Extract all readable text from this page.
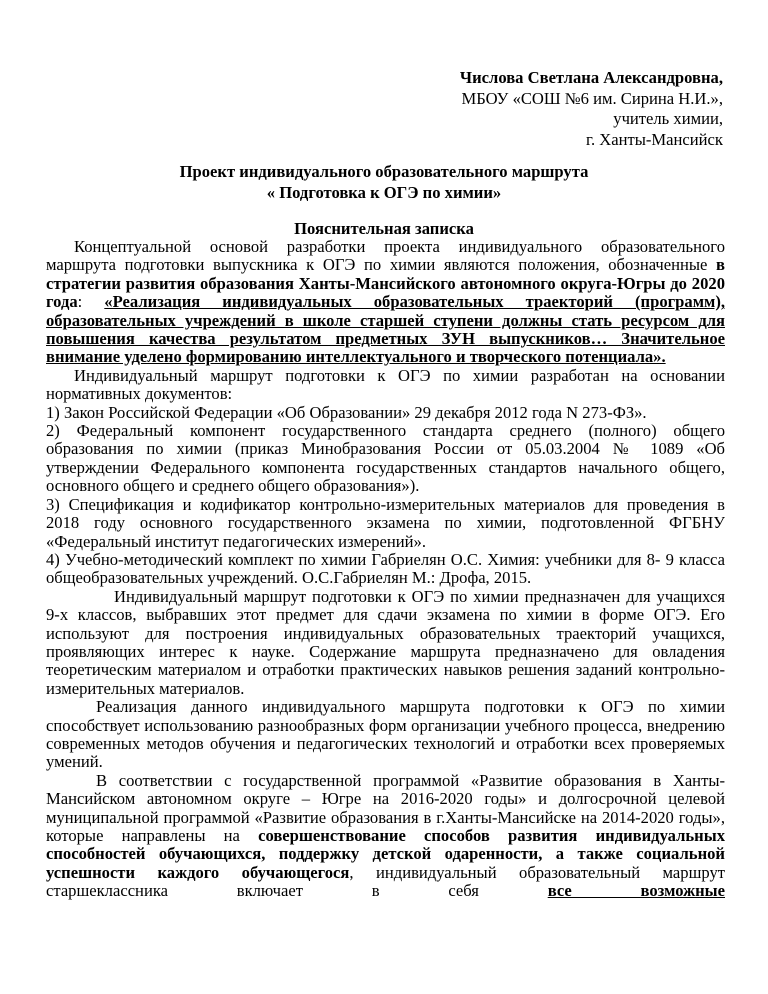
Числова Светлана Александровна,
МБОУ «СОШ №6 им. Сирина Н.И.»,
учитель химии,
г. Ханты-Мансийск
Проект индивидуального образовательного маршрута
« Подготовка к ОГЭ по химии»
Пояснительная записка

Концептуальной основой разработки проекта индивидуального образовательного маршрута подготовки выпускника к ОГЭ по химии являются положения, обозначенные в стратегии развития образования Ханты-Мансийского автономного округа-Югры до 2020 года: «Реализация индивидуальных образовательных траекторий (программ), образовательных учреждений в школе старшей ступени должны стать ресурсом для повышения качества результатом предметных ЗУН выпускников… Значительное внимание уделено формированию интеллектуального и творческого потенциала».

Индивидуальный маршрут подготовки к ОГЭ по химии разработан на основании нормативных документов:

1) Закон Российской Федерации «Об Образовании» 29 декабря 2012 года N 273-ФЗ».

2) Федеральный компонент государственного стандарта среднего (полного) общего образования по химии (приказ Минобразования России от 05.03.2004 № 1089 «Об утверждении Федерального компонента государственных стандартов начального общего, основного общего и среднего общего образования»).

3) Спецификация и кодификатор контрольно-измерительных материалов для проведения в 2018 году основного государственного экзамена по химии, подготовленной ФГБНУ «Федеральный институт педагогических измерений».

4) Учебно-методический комплект по химии Габриелян О.С. Химия: учебники для 8- 9 класса общеобразовательных учреждений. О.С.Габриелян М.: Дрофа, 2015.

Индивидуальный маршрут подготовки к ОГЭ по химии предназначен для учащихся 9-х классов, выбравших этот предмет для сдачи экзамена по химии в форме ОГЭ. Его используют для построения индивидуальных образовательных траекторий учащихся, проявляющих интерес к науке. Содержание маршрута предназначено для овладения теоретическим материалом и отработки практических навыков решения заданий контрольно-измерительных материалов.

Реализация данного индивидуального маршрута подготовки к ОГЭ по химии способствует использованию разнообразных форм организации учебного процесса, внедрению современных методов обучения и педагогических технологий и отработки всех проверяемых умений.

В соответствии с государственной программой «Развитие образования в Ханты-Мансийском автономном округе – Югре на 2016-2020 годы» и долгосрочной целевой муниципальной программой «Развитие образования в г.Ханты-Мансийске на 2014-2020 годы», которые направлены на совершенствование способов развития индивидуальных способностей обучающихся, поддержку детской одаренности, а также социальной успешности каждого обучающегося, индивидуальный образовательный маршрут старшеклассника включает в себя все возможные
